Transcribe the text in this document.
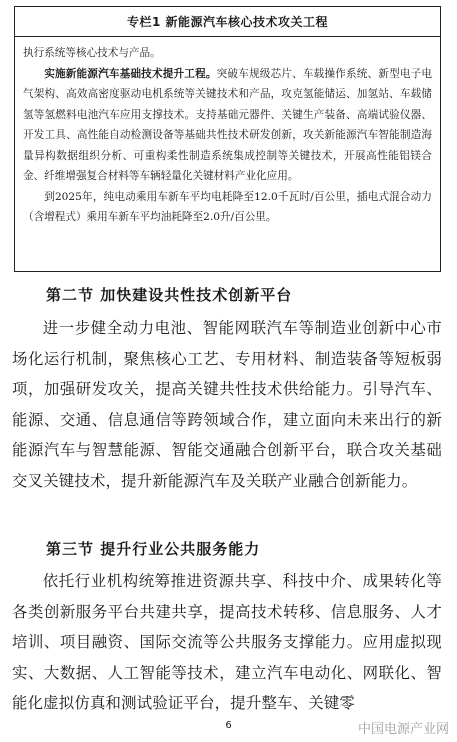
专栏1 新能源汽车核心技术攻关工程

执行系统等核心技术与产品。

实施新能源汽车基础技术提升工程。突破车规级芯片、车载操作系统、新型电子电气架构、高效高密度驱动电机系统等关键技术和产品，攻克氢能储运、加氢站、车载储氢等氢燃料电池汽车应用支撑技术。支持基础元器件、关键生产装备、高端试验仪器、开发工具、高性能自动检测设备等基础共性技术研发创新，攻关新能源汽车智能制造海量异构数据组织分析、可重构柔性制造系统集成控制等关键技术，开展高性能铝镁合金、纤维增强复合材料等车辆轻量化关键材料产业化应用。

到2025年，纯电动乘用车新车平均电耗降至12.0千瓦时/百公里，插电式混合动力（含增程式）乘用车新车平均油耗降至2.0升/百公里。

第二节 加快建设共性技术创新平台

进一步健全动力电池、智能网联汽车等制造业创新中心市场化运行机制，聚焦核心工艺、专用材料、制造装备等短板弱项，加强研发攻关，提高关键共性技术供给能力。引导汽车、能源、交通、信息通信等跨领域合作，建立面向未来出行的新能源汽车与智慧能源、智能交通融合创新平台，联合攻关基础交叉关键技术，提升新能源汽车及关联产业融合创新能力。

第三节 提升行业公共服务能力

依托行业机构统筹推进资源共享、科技中介、成果转化等各类创新服务平台共建共享，提高技术转移、信息服务、人才培训、项目融资、国际交流等公共服务支撑能力。应用虚拟现实、大数据、人工智能等技术，建立汽车电动化、网联化、智能化虚拟仿真和测试验证平台，提升整车、关键零

6	中国电源产业网
